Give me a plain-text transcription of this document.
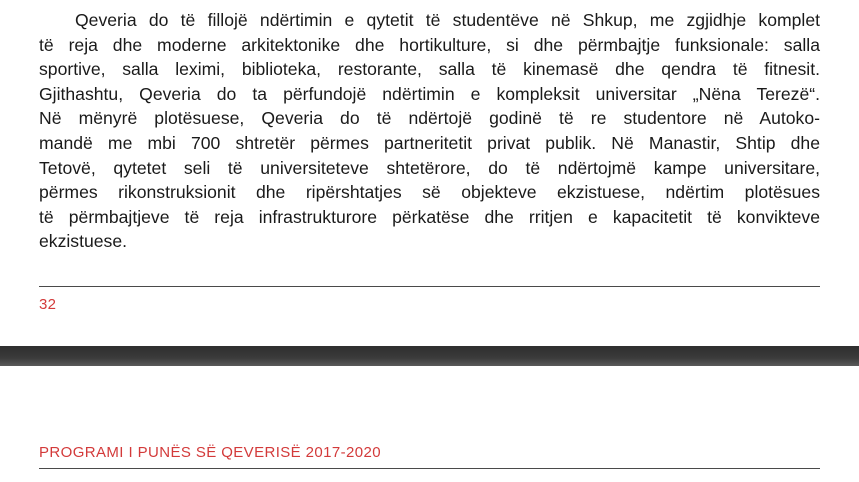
Qeveria do të fillojë ndërtimin e qytetit të studentëve në Shkup, me zgjidhje komplet
të reja dhe moderne arkitektonike dhe hortikulture, si dhe përmbajtje funksionale: salla
sportive, salla leximi, biblioteka, restorante, salla të kinemasë dhe qendra të fitnesit.
Gjithashtu, Qeveria do ta përfundojë ndërtimin e kompleksit universitar „Nëna Terezë“.
Në mënyrë plotësuese, Qeveria do të ndërtojë godinë të re studentore në Autoko-
mandë me mbi 700 shtretër përmes partneritetit privat publik. Në Manastir, Shtip dhe
Tetovë, qytetet seli të universiteteve shtetërore, do të ndërtojmë kampe universitare,
përmes rikonstruksionit dhe ripërshtatjes së objekteve ekzistuese, ndërtim plotësues
të përmbajtjeve të reja infrastrukturore përkatëse dhe rritjen e kapacitetit të konvikteve
ekzistuese.
32
PROGRAMI I PUNËS SË QEVERISË 2017-2020
